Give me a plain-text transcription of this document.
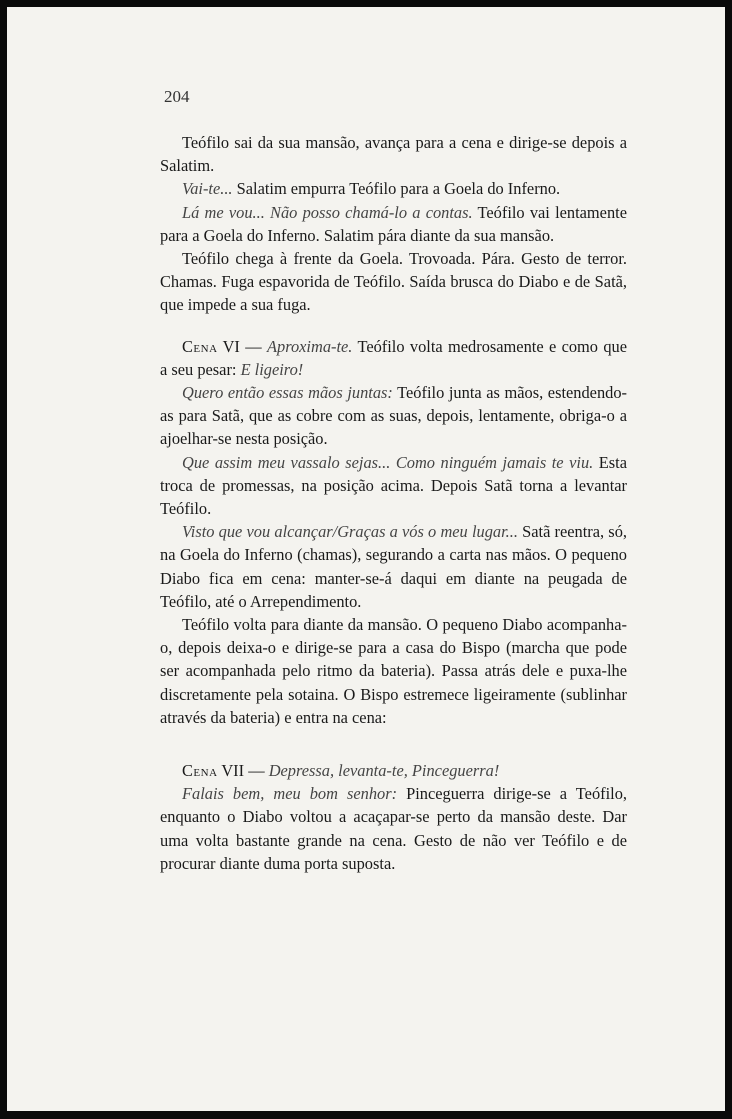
204

Teófilo sai da sua mansão, avança para a cena e dirige-se depois a Salatim.

Vai-te... Salatim empurra Teófilo para a Goela do Inferno.

Lá me vou... Não posso chamá-lo a contas. Teófilo vai lentamente para a Goela do Inferno. Salatim pára diante da sua mansão.

Teófilo chega à frente da Goela. Trovoada. Pára. Gesto de terror. Chamas. Fuga espavorida de Teófilo. Saída brusca do Diabo e de Satã, que impede a sua fuga.

Cena VI — Aproxima-te. Teófilo volta medrosamente e como que a seu pesar: E ligeiro!

Quero então essas mãos juntas: Teófilo junta as mãos, estendendo-as para Satã, que as cobre com as suas, depois, lentamente, obriga-o a ajoelhar-se nesta posição.

Que assim meu vassalo sejas... Como ninguém jamais te viu. Esta troca de promessas, na posição acima. Depois Satã torna a levantar Teófilo.

Visto que vou alcançar/Graças a vós o meu lugar... Satã reentra, só, na Goela do Inferno (chamas), segurando a carta nas mãos. O pequeno Diabo fica em cena: manter-se-á daqui em diante na peugada de Teófilo, até o Arrependimento.

Teófilo volta para diante da mansão. O pequeno Diabo acompanha-o, depois deixa-o e dirige-se para a casa do Bispo (marcha que pode ser acompanhada pelo ritmo da bateria). Passa atrás dele e puxa-lhe discretamente pela sotaina. O Bispo estremece ligeiramente (sublinhar através da bateria) e entra na cena:

Cena VII — Depressa, levanta-te, Pinceguerra!

Falais bem, meu bom senhor: Pinceguerra dirige-se a Teófilo, enquanto o Diabo voltou a acaçapar-se perto da mansão deste. Dar uma volta bastante grande na cena. Gesto de não ver Teófilo e de procurar diante duma porta suposta.
